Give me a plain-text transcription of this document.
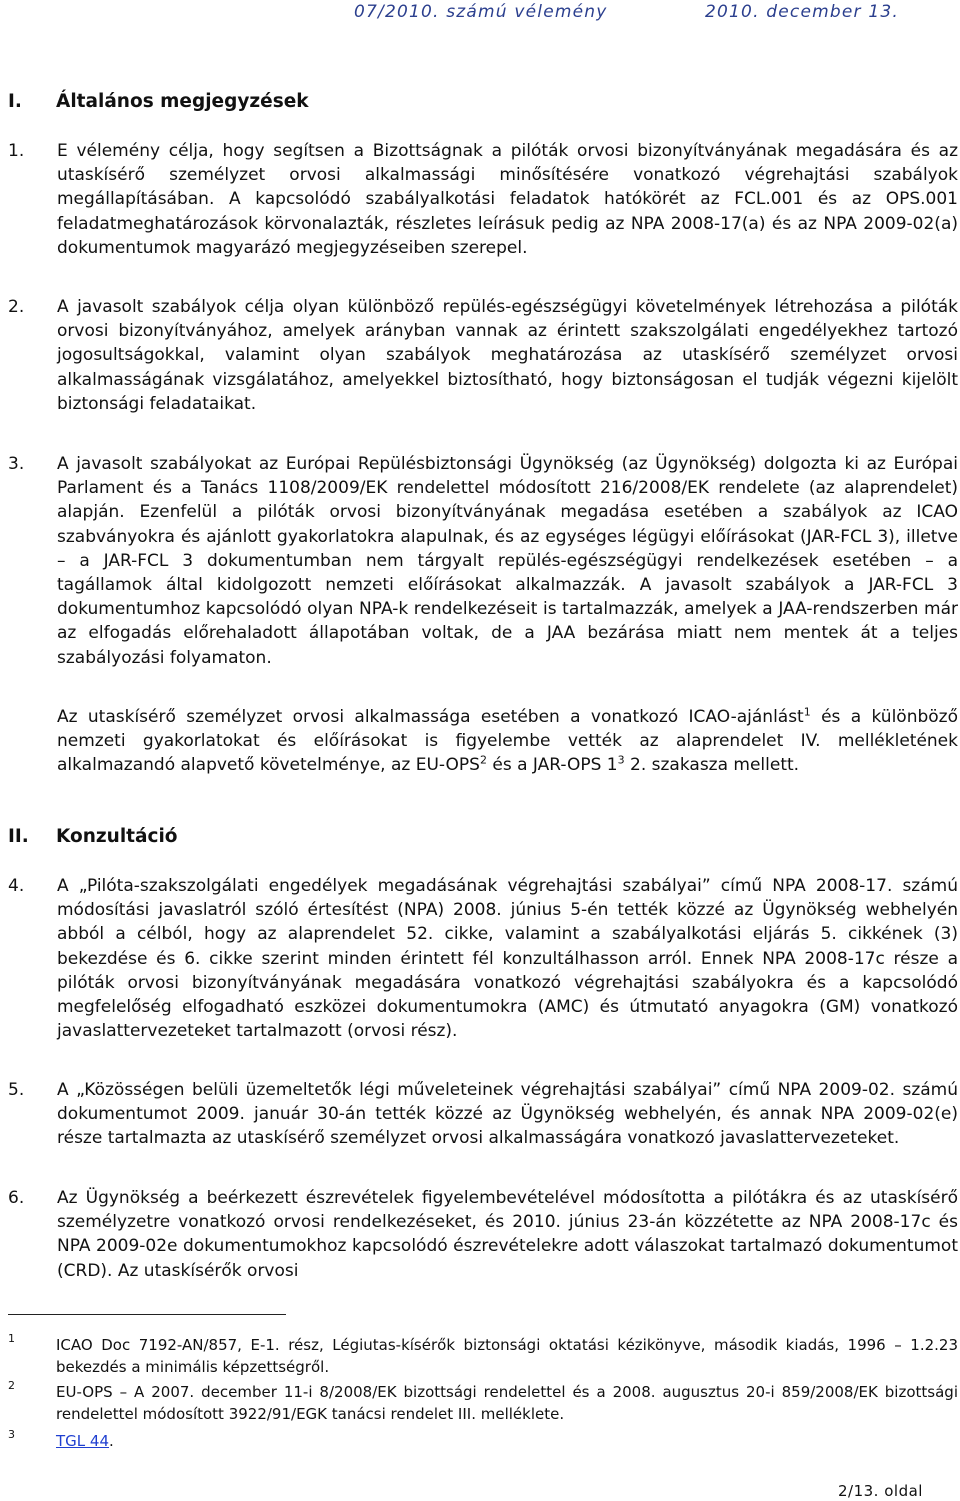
07/2010. számú vélemény	2010. december 13.
I. Általános megjegyzések
1. E vélemény célja, hogy segítsen a Bizottságnak a pilóták orvosi bizonyítványának megadására és az utaskísérő személyzet orvosi alkalmassági minősítésére vonatkozó végrehajtási szabályok megállapításában. A kapcsolódó szabályalkotási feladatok hatókörét az FCL.001 és az OPS.001 feladatmeghatározások körvonalazták, részletes leírásuk pedig az NPA 2008-17(a) és az NPA 2009-02(a) dokumentumok magyarázó megjegyzéseiben szerepel.
2. A javasolt szabályok célja olyan különböző repülés-egészségügyi követelmények létrehozása a pilóták orvosi bizonyítványához, amelyek arányban vannak az érintett szakszolgálati engedélyekhez tartozó jogosultságokkal, valamint olyan szabályok meghatározása az utaskísérő személyzet orvosi alkalmasságának vizsgálatához, amelyekkel biztosítható, hogy biztonságosan el tudják végezni kijelölt biztonsági feladataikat.
3. A javasolt szabályokat az Európai Repülésbiztonsági Ügynökség (az Ügynökség) dolgozta ki az Európai Parlament és a Tanács 1108/2009/EK rendelettel módosított 216/2008/EK rendelete (az alaprendelet) alapján. Ezenfelül a pilóták orvosi bizonyítványának megadása esetében a szabályok az ICAO szabványokra és ajánlott gyakorlatokra alapulnak, és az egységes légügyi előírásokat (JAR-FCL 3), illetve – a JAR-FCL 3 dokumentumban nem tárgyalt repülés-egészségügyi rendelkezések esetében – a tagállamok által kidolgozott nemzeti előírásokat alkalmazzák. A javasolt szabályok a JAR-FCL 3 dokumentumhoz kapcsolódó olyan NPA-k rendelkezéseit is tartalmazzák, amelyek a JAA-rendszerben már az elfogadás előrehaladott állapotában voltak, de a JAA bezárása miatt nem mentek át a teljes szabályozási folyamaton.
Az utaskísérő személyzet orvosi alkalmassága esetében a vonatkozó ICAO-ajánlást$^1$ és a különböző nemzeti gyakorlatokat és előírásokat is figyelembe vették az alaprendelet IV. mellékletének alkalmazandó alapvető követelménye, az EU-OPS$^2$ és a JAR-OPS $1^3$ 2. szakasza mellett.
II. Konzultáció
4. A „Pilóta-szakszolgálati engedélyek megadásának végrehajtási szabályai” című NPA 2008-17. számú módosítási javaslatról szóló értesítést (NPA) 2008. június 5-én tették közzé az Ügynökség webhelyén abból a célból, hogy az alaprendelet 52. cikke, valamint a szabályalkotási eljárás 5. cikkének (3) bekezdése és 6. cikke szerint minden érintett fél konzultálhasson arról. Ennek NPA 2008-17c része a pilóták orvosi bizonyítványának megadására vonatkozó végrehajtási szabályokra és a kapcsolódó megfelelőség elfogadható eszközei dokumentumokra (AMC) és útmutató anyagokra (GM) vonatkozó javaslattervezeteket tartalmazott (orvosi rész).
5. A „Közösségen belüli üzemeltetők légi műveleteinek végrehajtási szabályai” című NPA 2009-02. számú dokumentumot 2009. január 30-án tették közzé az Ügynökség webhelyén, és annak NPA 2009-02(e) része tartalmazta az utaskísérő személyzet orvosi alkalmasságára vonatkozó javaslattervezeteket.
6. Az Ügynökség a beérkezett észrevételek figyelembevételével módosította a pilótákra és az utaskísérő személyzetre vonatkozó orvosi rendelkezéseket, és 2010. június 23-án közzétette az NPA 2008-17c és NPA 2009-02e dokumentumokhoz kapcsolódó észrevételekre adott válaszokat tartalmazó dokumentumot (CRD). Az utaskísérők orvosi
1	ICAO Doc 7192-AN/857, E-1. rész, Légiutas-kísérők biztonsági oktatási kézikönyve, második kiadás, 1996 – 1.2.23 bekezdés a minimális képzettségről.
2	EU-OPS – A 2007. december 11-i 8/2008/EK bizottsági rendelettel és a 2008. augusztus 20-i 859/2008/EK bizottsági rendelettel módosított 3922/91/EGK tanácsi rendelet III. melléklete.
3	TGL 44.
2/13. oldal
